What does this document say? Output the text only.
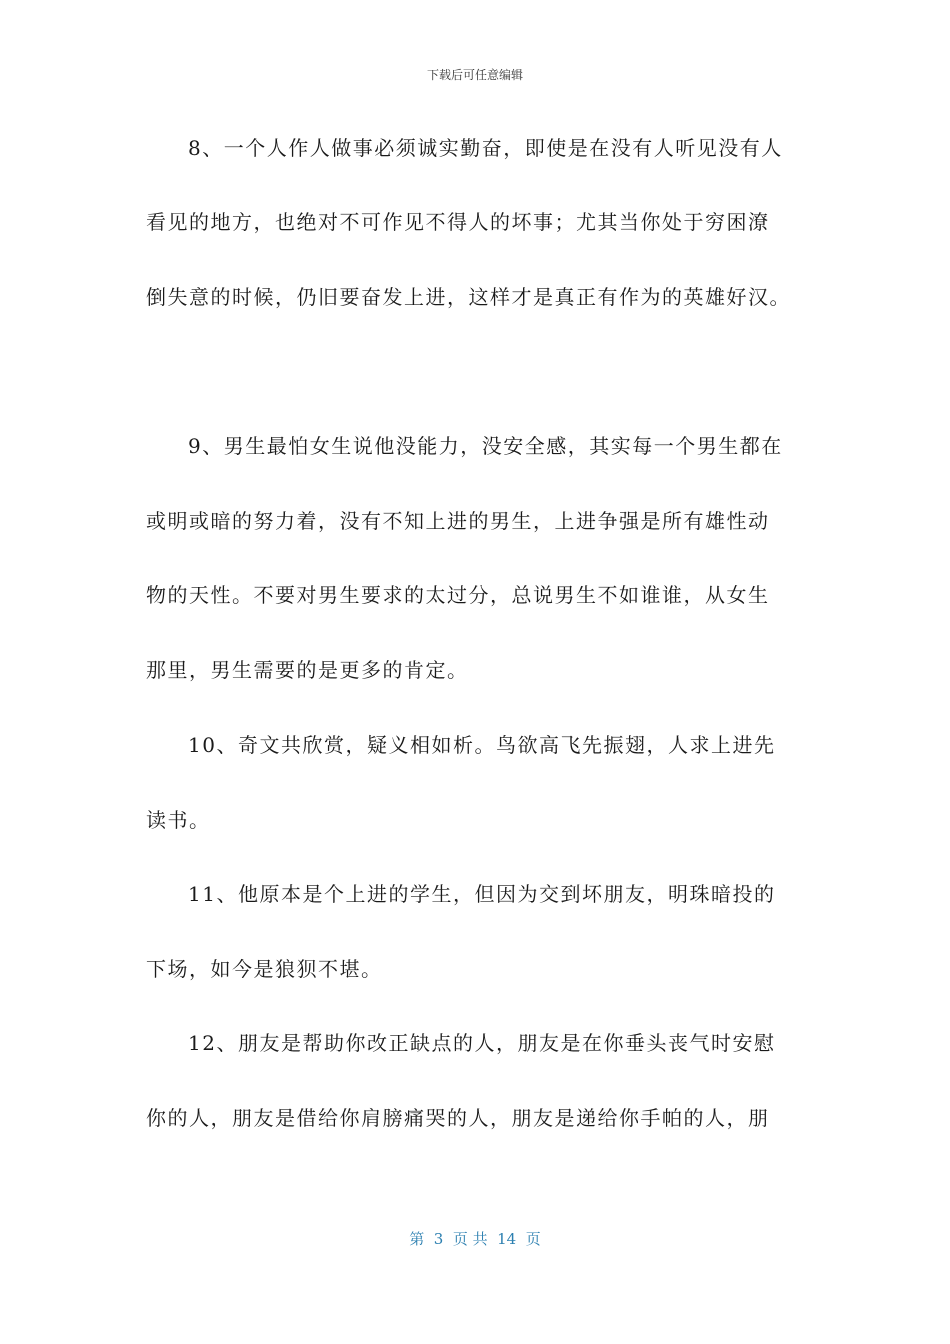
下载后可任意编辑
8、一个人作人做事必须诚实勤奋，即使是在没有人听见没有人
看见的地方，也绝对不可作见不得人的坏事；尤其当你处于穷困潦
倒失意的时候，仍旧要奋发上进，这样才是真正有作为的英雄好汉。
9、男生最怕女生说他没能力，没安全感，其实每一个男生都在
或明或暗的努力着，没有不知上进的男生，上进争强是所有雄性动
物的天性。不要对男生要求的太过分，总说男生不如谁谁，从女生
那里，男生需要的是更多的肯定。
10、奇文共欣赏，疑义相如析。鸟欲高飞先振翅，人求上进先
读书。
11、他原本是个上进的学生，但因为交到坏朋友，明珠暗投的
下场，如今是狼狈不堪。
12、朋友是帮助你改正缺点的人，朋友是在你垂头丧气时安慰
你的人，朋友是借给你肩膀痛哭的人，朋友是递给你手帕的人，朋
第  3  页 共  14  页
